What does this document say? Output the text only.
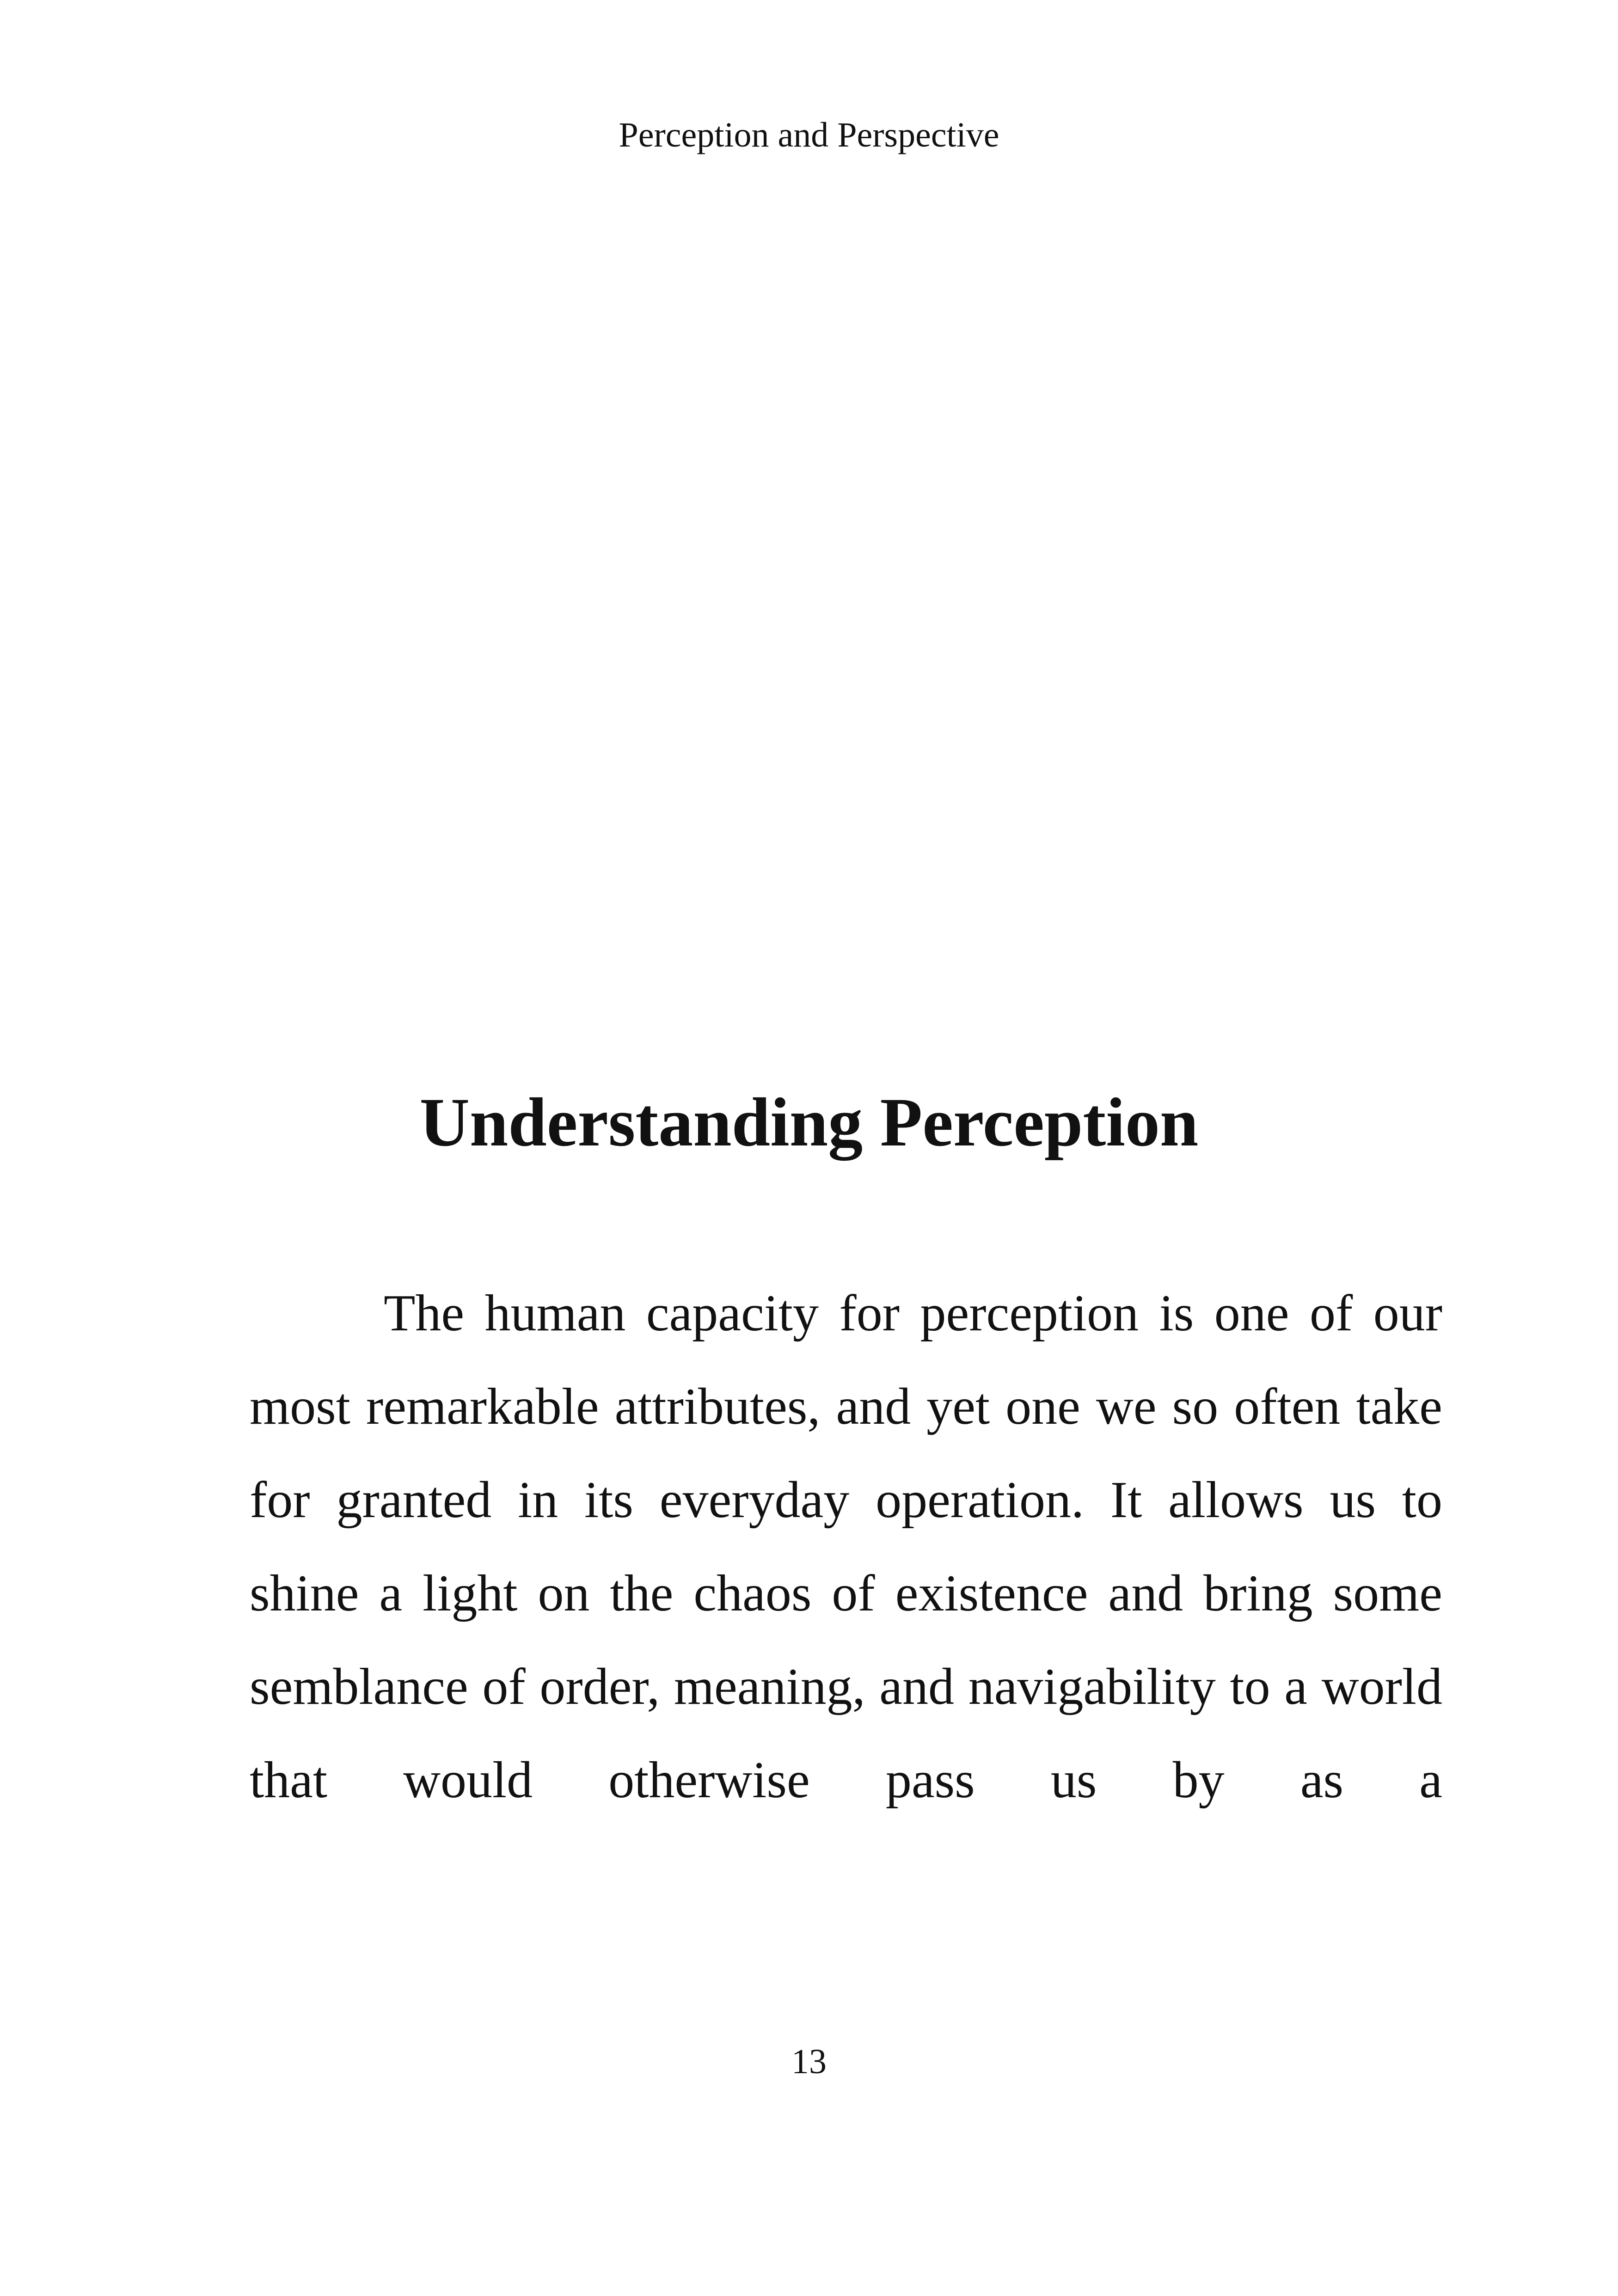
Perception and Perspective
Understanding Perception

The human capacity for perception is one of our most remarkable attributes, and yet one we so often take for granted in its everyday operation. It allows us to shine a light on the chaos of existence and bring some semblance of order, meaning, and navigability to a world that would otherwise pass us by as a

13
